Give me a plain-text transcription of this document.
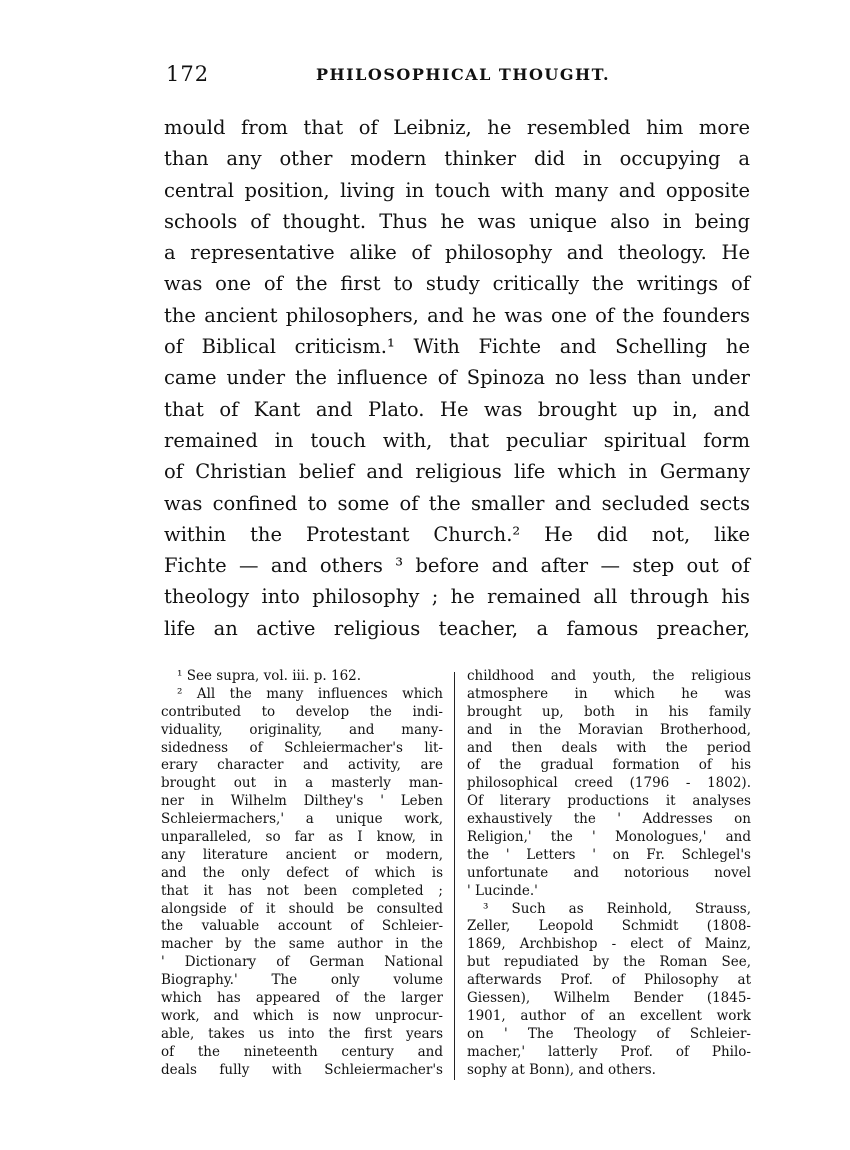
172	PHILOSOPHICAL THOUGHT.
mould from that of Leibniz, he resembled him more
than any other modern thinker did in occupying a
central position, living in touch with many and opposite
schools of thought. Thus he was unique also in being
a representative alike of philosophy and theology. He
was one of the first to study critically the writings of
the ancient philosophers, and he was one of the founders
of Biblical criticism.¹ With Fichte and Schelling he
came under the influence of Spinoza no less than under
that of Kant and Plato. He was brought up in, and
remained in touch with, that peculiar spiritual form
of Christian belief and religious life which in Germany
was confined to some of the smaller and secluded sects
within the Protestant Church.² He did not, like
Fichte — and others ³ before and after — step out of
theology into philosophy ; he remained all through his
life an active religious teacher, a famous preacher,
¹ See supra, vol. iii. p. 162.
² All the many influences which
contributed to develop the indi-
viduality, originality, and many-
sidedness of Schleiermacher's lit-
erary character and activity, are
brought out in a masterly man-
ner in Wilhelm Dilthey's ' Leben
Schleiermachers,' a unique work,
unparalleled, so far as I know, in
any literature ancient or modern,
and the only defect of which is
that it has not been completed ;
alongside of it should be consulted
the valuable account of Schleier-
macher by the same author in the
' Dictionary of German National
Biography.' The only volume
which has appeared of the larger
work, and which is now unprocur-
able, takes us into the first years
of the nineteenth century and
deals fully with Schleiermacher's
childhood and youth, the religious
atmosphere in which he was
brought up, both in his family
and in the Moravian Brotherhood,
and then deals with the period
of the gradual formation of his
philosophical creed (1796 - 1802).
Of literary productions it analyses
exhaustively the ' Addresses on
Religion,' the ' Monologues,' and
the ' Letters ' on Fr. Schlegel's
unfortunate and notorious novel
' Lucinde.'
³ Such as Reinhold, Strauss,
Zeller, Leopold Schmidt (1808-
1869, Archbishop - elect of Mainz,
but repudiated by the Roman See,
afterwards Prof. of Philosophy at
Giessen), Wilhelm Bender (1845-
1901, author of an excellent work
on ' The Theology of Schleier-
macher,' latterly Prof. of Philo-
sophy at Bonn), and others.
